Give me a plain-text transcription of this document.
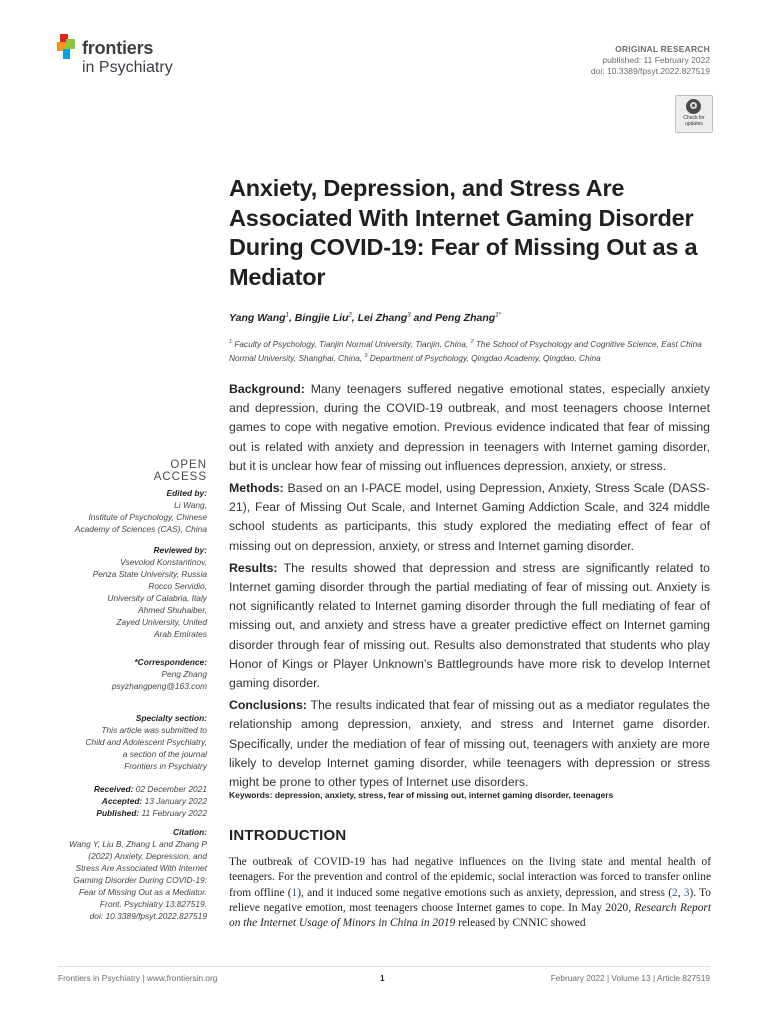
frontiers
in Psychiatry
ORIGINAL RESEARCH
published: 11 February 2022
doi: 10.3389/fpsyt.2022.827519
Check for
updates
Anxiety, Depression, and Stress Are Associated With Internet Gaming Disorder During COVID-19: Fear of Missing Out as a Mediator
Yang Wang$^1$, Bingjie Liu$^2$, Lei Zhang$^3$ and Peng Zhang$^{1*}$
$^1$ Faculty of Psychology, Tianjin Normal University, Tianjin, China, $^2$ The School of Psychology and Cognitive Science, East China Normal University, Shanghai, China, $^3$ Department of Psychology, Qingdao Academy, Qingdao, China

Background: Many teenagers suffered negative emotional states, especially anxiety and depression, during the COVID-19 outbreak, and most teenagers choose Internet games to cope with negative emotion. Previous evidence indicated that fear of missing out is related with anxiety and depression in teenagers with Internet gaming disorder, but it is unclear how fear of missing out influences depression, anxiety, or stress.

Methods: Based on an I-PACE model, using Depression, Anxiety, Stress Scale (DASS-21), Fear of Missing Out Scale, and Internet Gaming Addiction Scale, and 324 middle school students as participants, this study explored the mediating effect of fear of missing out on depression, anxiety, or stress and Internet gaming disorder.

Results: The results showed that depression and stress are significantly related to Internet gaming disorder through the partial mediating of fear of missing out. Anxiety is not significantly related to Internet gaming disorder through the full mediating of fear of missing out, and anxiety and stress have a greater predictive effect on Internet gaming disorder through fear of missing out. Results also demonstrated that students who play Honor of Kings or Player Unknown’s Battlegrounds have more risk to develop Internet gaming disorder.

Conclusions: The results indicated that fear of missing out as a mediator regulates the relationship among depression, anxiety, and stress and Internet game disorder. Specifically, under the mediation of fear of missing out, teenagers with anxiety are more likely to develop Internet gaming disorder, while teenagers with depression or stress might be prone to other types of Internet use disorders.

Keywords: depression, anxiety, stress, fear of missing out, internet gaming disorder, teenagers
INTRODUCTION
The outbreak of COVID-19 has had negative influences on the living state and mental health of teenagers. For the prevention and control of the epidemic, social interaction was forced to transfer online from offline (1), and it induced some negative emotions such as anxiety, depression, and stress (2, 3). To relieve negative emotion, most teenagers choose Internet games to cope. In May 2020, Research Report on the Internet Usage of Minors in China in 2019 released by CNNIC showed
OPEN ACCESS
Edited by:
Li Wang,
Institute of Psychology, Chinese
Academy of Sciences (CAS), China
Reviewed by:
Vsevolod Konstantinov,
Penza State University, Russia
Rocco Servidio,
University of Calabria, Italy
Ahmed Shuhaiber,
Zayed University, United
Arab Emirates
*Correspondence:
Peng Zhang
psyzhangpeng@163.com
Specialty section:
This article was submitted to
Child and Adolescent Psychiatry,
a section of the journal
Frontiers in Psychiatry
Received: 02 December 2021
Accepted: 13 January 2022
Published: 11 February 2022
Citation:
Wang Y, Liu B, Zhang L and Zhang P
(2022) Anxiety, Depression, and
Stress Are Associated With Internet
Gaming Disorder During COVID-19:
Fear of Missing Out as a Mediator.
Front. Psychiatry 13:827519.
doi: 10.3389/fpsyt.2022.827519
Frontiers in Psychiatry | www.frontiersin.org	1	February 2022 | Volume 13 | Article 827519
